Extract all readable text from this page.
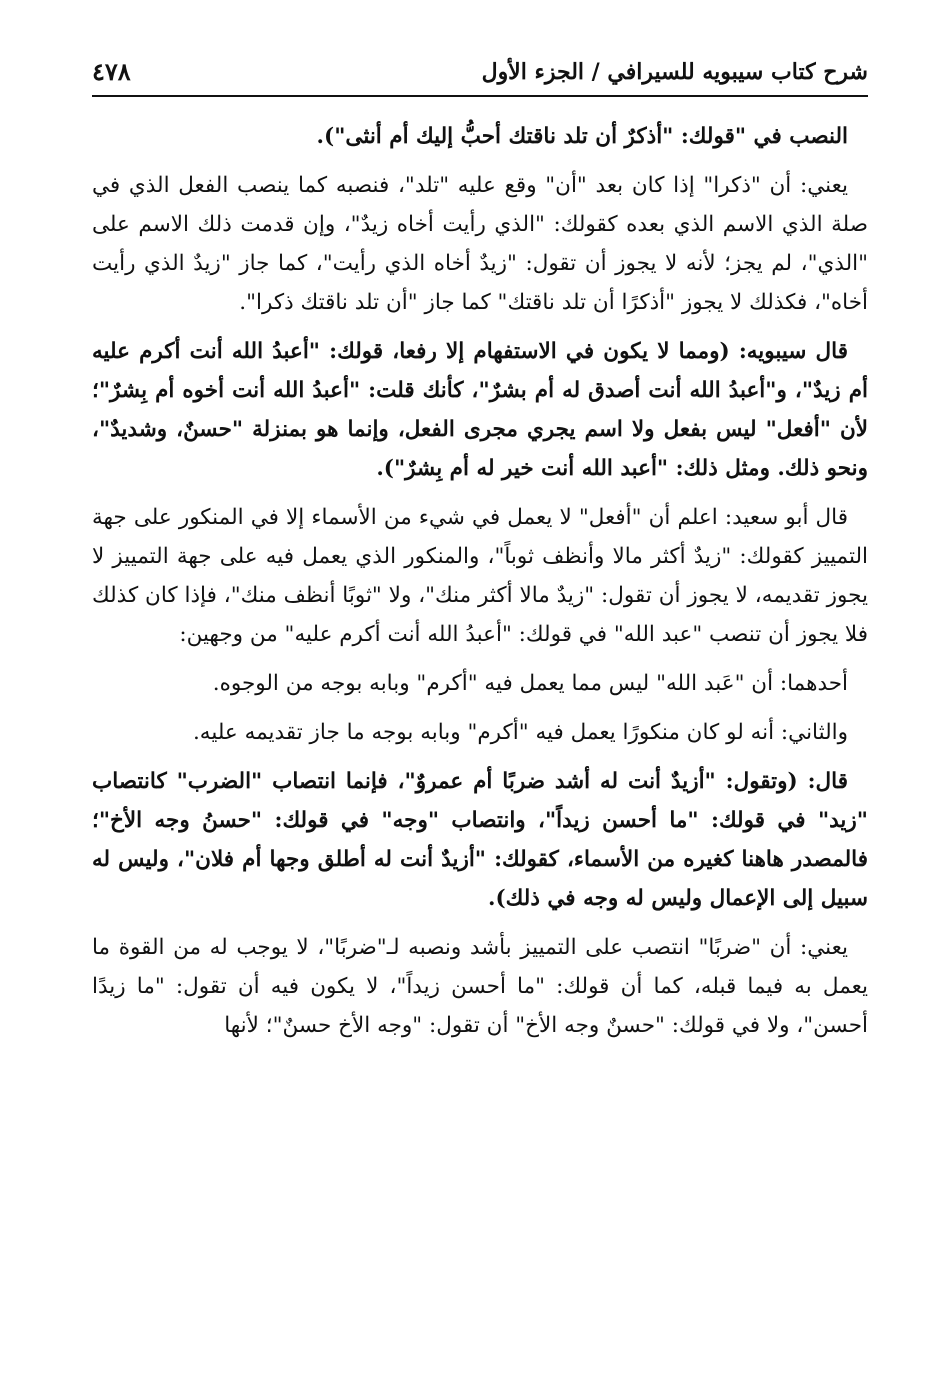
شرح كتاب سيبويه للسيرافي / الجزء الأول
٤٧٨

النصب في "قولك: "أذكرٌ أن تلد ناقتك أحبُّ إليك أم أنثى").

يعني: أن "ذكرا" إذا كان بعد "أن" وقع عليه "تلد"، فنصبه كما ينصب الفعل الذي في صلة الذي الاسم الذي بعده كقولك: "الذي رأيت أخاه زيدٌ"، وإن قدمت ذلك الاسم على "الذي"، لم يجز؛ لأنه لا يجوز أن تقول: "زيدٌ أخاه الذي رأيت"، كما جاز "زيدٌ الذي رأيت أخاه"، فكذلك لا يجوز "أذكرًا أن تلد ناقتك" كما جاز "أن تلد ناقتك ذكرا".

قال سيبويه: (ومما لا يكون في الاستفهام إلا رفعا، قولك: "أعبدُ الله أنت أكرم عليه أم زيدٌ"، و"أعبدُ الله أنت أصدق له أم بشرٌ"، كأنك قلت: "أعبدُ الله أنت أخوه أم بِشرٌ"؛ لأن "أفعل" ليس بفعل ولا اسم يجري مجرى الفعل، وإنما هو بمنزلة "حسنٌ، وشديدٌ"، ونحو ذلك. ومثل ذلك: "أعبد الله أنت خير له أم بِشرٌ").

قال أبو سعيد: اعلم أن "أفعل" لا يعمل في شيء من الأسماء إلا في المنكور على جهة التمييز كقولك: "زيدٌ أكثر مالا وأنظف ثوباً"، والمنكور الذي يعمل فيه على جهة التمييز لا يجوز تقديمه، لا يجوز أن تقول: "زيدٌ مالا أكثر منك"، ولا "ثوبًا أنظف منك"، فإذا كان كذلك فلا يجوز أن تنصب "عبد الله" في قولك: "أعبدُ الله أنت أكرم عليه" من وجهين:

أحدهما: أن "عَبد الله" ليس مما يعمل فيه "أكرم" وبابه بوجه من الوجوه.

والثاني: أنه لو كان منكورًا يعمل فيه "أكرم" وبابه بوجه ما جاز تقديمه عليه.

قال: (وتقول: "أزيدٌ أنت له أشد ضربًا أم عمروٌ"، فإنما انتصاب "الضرب" كانتصاب "زيد" في قولك: "ما أحسن زيداً"، وانتصاب "وجه" في قولك: "حسنُ وجه الأخ"؛ فالمصدر هاهنا كغيره من الأسماء، كقولك: "أزيدٌ أنت له أطلق وجها أم فلان"، وليس له سبيل إلى الإعمال وليس له وجه في ذلك).

يعني: أن "ضربًا" انتصب على التمييز بأشد ونصبه لـ"ضربًا"، لا يوجب له من القوة ما يعمل به فيما قبله، كما أن قولك: "ما أحسن زيداً"، لا يكون فيه أن تقول: "ما زيدًا أحسن"، ولا في قولك: "حسنٌ وجه الأخ" أن تقول: "وجه الأخ حسنٌ"؛ لأنها
